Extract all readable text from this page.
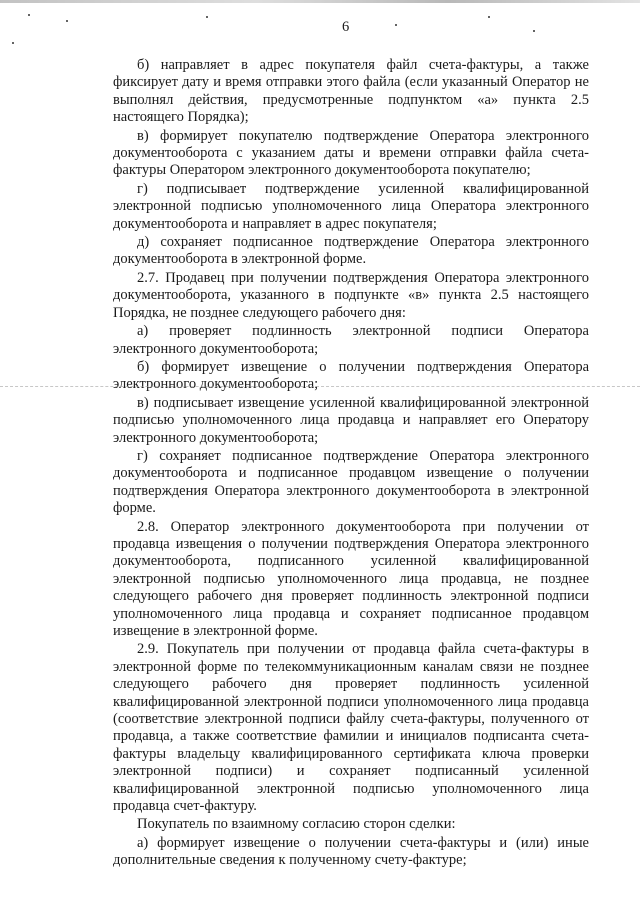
6

б) направляет в адрес покупателя файл счета-фактуры, а также фиксирует дату и время отправки этого файла (если указанный Оператор не выполнял действия, предусмотренные подпунктом «а» пункта 2.5 настоящего Порядка);

в) формирует покупателю подтверждение Оператора электронного документооборота с указанием даты и времени отправки файла счета-фактуры Оператором электронного документооборота покупателю;

г) подписывает подтверждение усиленной квалифицированной электронной подписью уполномоченного лица Оператора электронного документооборота и направляет в адрес покупателя;

д) сохраняет подписанное подтверждение Оператора электронного документооборота в электронной форме.

2.7. Продавец при получении подтверждения Оператора электронного документооборота, указанного в подпункте «в» пункта 2.5 настоящего Порядка, не позднее следующего рабочего дня:

а) проверяет подлинность электронной подписи Оператора электронного документооборота;

б) формирует извещение о получении подтверждения Оператора электронного документооборота;

в) подписывает извещение усиленной квалифицированной электронной подписью уполномоченного лица продавца и направляет его Оператору электронного документооборота;

г) сохраняет подписанное подтверждение Оператора электронного документооборота и подписанное продавцом извещение о получении подтверждения Оператора электронного документооборота в электронной форме.

2.8. Оператор электронного документооборота при получении от продавца извещения о получении подтверждения Оператора электронного документооборота, подписанного усиленной квалифицированной электронной подписью уполномоченного лица продавца, не позднее следующего рабочего дня проверяет подлинность электронной подписи уполномоченного лица продавца и сохраняет подписанное продавцом извещение в электронной форме.

2.9. Покупатель при получении от продавца файла счета-фактуры в электронной форме по телекоммуникационным каналам связи не позднее следующего рабочего дня проверяет подлинность усиленной квалифицированной электронной подписи уполномоченного лица продавца (соответствие электронной подписи файлу счета-фактуры, полученного от продавца, а также соответствие фамилии и инициалов подписанта счета-фактуры владельцу квалифицированного сертификата ключа проверки электронной подписи) и сохраняет подписанный усиленной квалифицированной электронной подписью уполномоченного лица продавца счет-фактуру.

Покупатель по взаимному согласию сторон сделки:

а) формирует извещение о получении счета-фактуры и (или) иные дополнительные сведения к полученному счету-фактуре;
